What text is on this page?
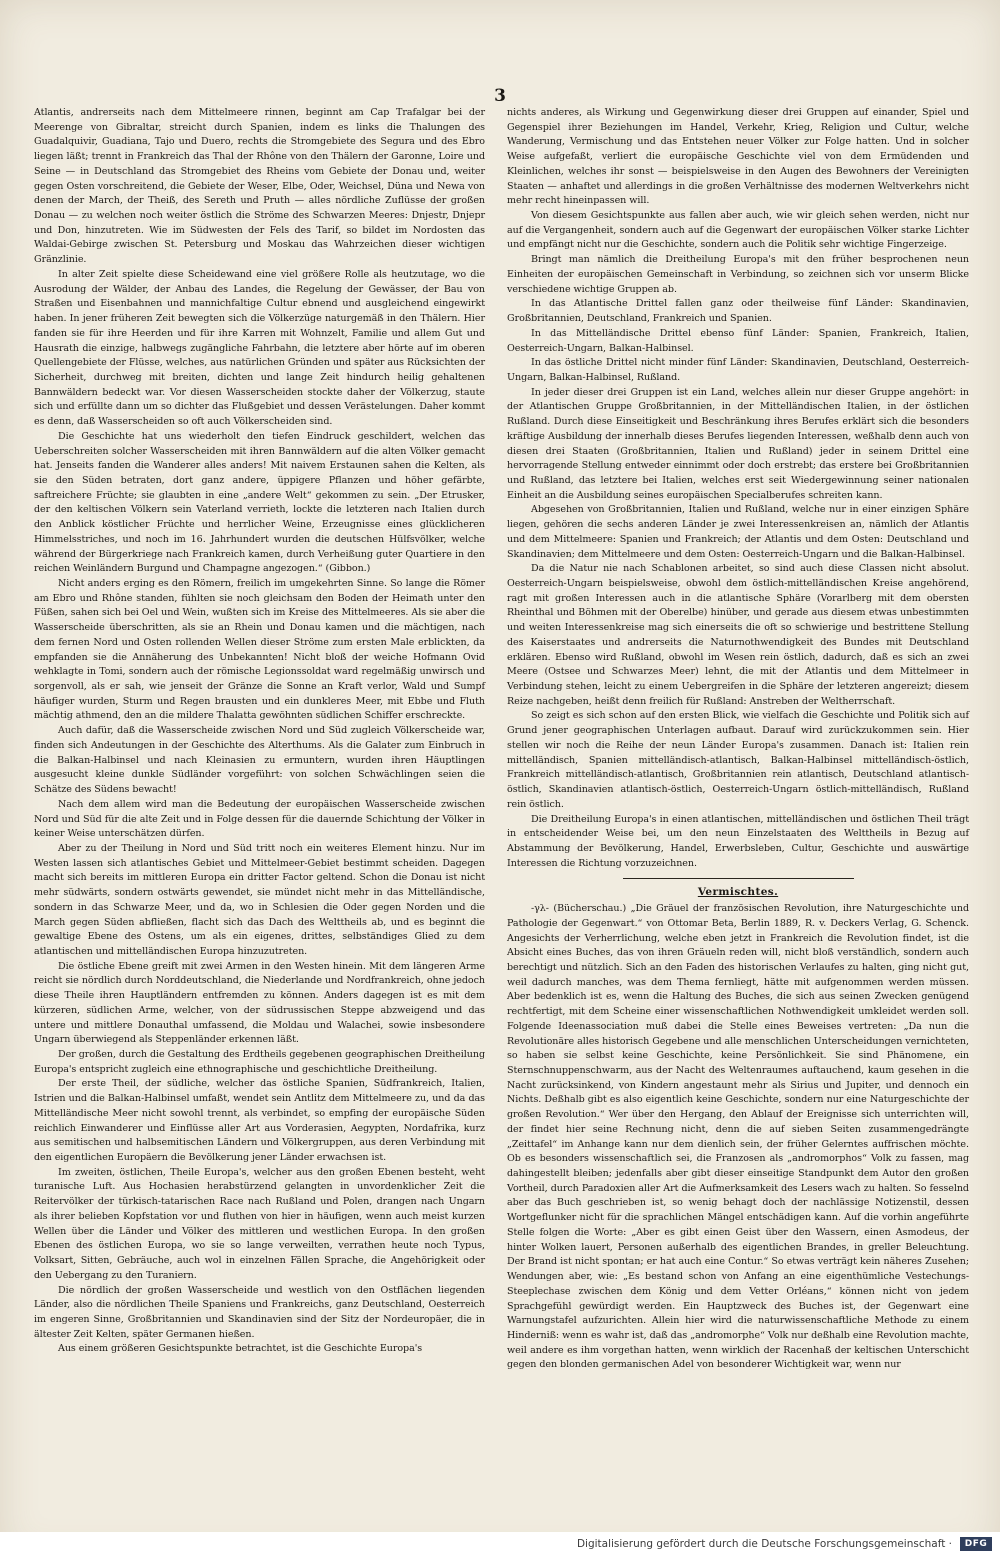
3

Atlantis, andrerseits nach dem Mittelmeere rinnen, beginnt am Cap Trafalgar bei der Meerenge von Gibraltar, streicht durch Spanien, indem es links die Thalungen des Guadalquivir, Guadiana, Tajo und Duero, rechts die Stromgebiete des Segura und des Ebro liegen läßt; trennt in Frankreich das Thal der Rhône von den Thälern der Garonne, Loire und Seine — in Deutschland das Stromgebiet des Rheins vom Gebiete der Donau und, weiter gegen Osten vorschreitend, die Gebiete der Weser, Elbe, Oder, Weichsel, Düna und Newa von denen der March, der Theiß, des Sereth und Pruth — alles nördliche Zuflüsse der großen Donau — zu welchen noch weiter östlich die Ströme des Schwarzen Meeres: Dnjestr, Dnjepr und Don, hinzutreten. Wie im Südwesten der Fels des Tarif, so bildet im Nordosten das Waldai-Gebirge zwischen St. Petersburg und Moskau das Wahrzeichen dieser wichtigen Gränzlinie.

In alter Zeit spielte diese Scheidewand eine viel größere Rolle als heutzutage, wo die Ausrodung der Wälder, der Anbau des Landes, die Regelung der Gewässer, der Bau von Straßen und Eisenbahnen und mannichfaltige Cultur ebnend und ausgleichend eingewirkt haben. In jener früheren Zeit bewegten sich die Völkerzüge naturgemäß in den Thälern. Hier fanden sie für ihre Heerden und für ihre Karren mit Wohnzelt, Familie und allem Gut und Hausrath die einzige, halbwegs zugängliche Fahrbahn, die letztere aber hörte auf im oberen Quellengebiete der Flüsse, welches, aus natürlichen Gründen und später aus Rücksichten der Sicherheit, durchweg mit breiten, dichten und lange Zeit hindurch heilig gehaltenen Bannwäldern bedeckt war. Vor diesen Wasserscheiden stockte daher der Völkerzug, staute sich und erfüllte dann um so dichter das Flußgebiet und dessen Verästelungen. Daher kommt es denn, daß Wasserscheiden so oft auch Völkerscheiden sind.

Die Geschichte hat uns wiederholt den tiefen Eindruck geschildert, welchen das Ueberschreiten solcher Wasserscheiden mit ihren Bannwäldern auf die alten Völker gemacht hat. Jenseits fanden die Wanderer alles anders! Mit naivem Erstaunen sahen die Kelten, als sie den Süden betraten, dort ganz andere, üppigere Pflanzen und höher gefärbte, saftreichere Früchte; sie glaubten in eine „andere Welt“ gekommen zu sein. „Der Etrusker, der den keltischen Völkern sein Vaterland verrieth, lockte die letzteren nach Italien durch den Anblick köstlicher Früchte und herrlicher Weine, Erzeugnisse eines glücklicheren Himmelsstriches, und noch im 16. Jahrhundert wurden die deutschen Hülfsvölker, welche während der Bürgerkriege nach Frankreich kamen, durch Verheißung guter Quartiere in den reichen Weinländern Burgund und Champagne angezogen.“ (Gibbon.)

Nicht anders erging es den Römern, freilich im umgekehrten Sinne. So lange die Römer am Ebro und Rhône standen, fühlten sie noch gleichsam den Boden der Heimath unter den Füßen, sahen sich bei Oel und Wein, wußten sich im Kreise des Mittelmeeres. Als sie aber die Wasserscheide überschritten, als sie an Rhein und Donau kamen und die mächtigen, nach dem fernen Nord und Osten rollenden Wellen dieser Ströme zum ersten Male erblickten, da empfanden sie die Annäherung des Unbekannten! Nicht bloß der weiche Hofmann Ovid wehklagte in Tomi, sondern auch der römische Legionssoldat ward regelmäßig unwirsch und sorgenvoll, als er sah, wie jenseit der Gränze die Sonne an Kraft verlor, Wald und Sumpf häufiger wurden, Sturm und Regen brausten und ein dunkleres Meer, mit Ebbe und Fluth mächtig athmend, den an die mildere Thalatta gewöhnten südlichen Schiffer erschreckte.

Auch dafür, daß die Wasserscheide zwischen Nord und Süd zugleich Völkerscheide war, finden sich Andeutungen in der Geschichte des Alterthums. Als die Galater zum Einbruch in die Balkan-Halbinsel und nach Kleinasien zu ermuntern, wurden ihren Häuptlingen ausgesucht kleine dunkle Südländer vorgeführt: von solchen Schwächlingen seien die Schätze des Südens bewacht!

Nach dem allem wird man die Bedeutung der europäischen Wasserscheide zwischen Nord und Süd für die alte Zeit und in Folge dessen für die dauernde Schichtung der Völker in keiner Weise unterschätzen dürfen.

Aber zu der Theilung in Nord und Süd tritt noch ein weiteres Element hinzu. Nur im Westen lassen sich atlantisches Gebiet und Mittelmeer-Gebiet bestimmt scheiden. Dagegen macht sich bereits im mittleren Europa ein dritter Factor geltend. Schon die Donau ist nicht mehr südwärts, sondern ostwärts gewendet, sie mündet nicht mehr in das Mittelländische, sondern in das Schwarze Meer, und da, wo in Schlesien die Oder gegen Norden und die March gegen Süden abfließen, flacht sich das Dach des Welttheils ab, und es beginnt die gewaltige Ebene des Ostens, um als ein eigenes, drittes, selbständiges Glied zu dem atlantischen und mittelländischen Europa hinzuzutreten.

Die östliche Ebene greift mit zwei Armen in den Westen hinein. Mit dem längeren Arme reicht sie nördlich durch Norddeutschland, die Niederlande und Nordfrankreich, ohne jedoch diese Theile ihren Hauptländern entfremden zu können. Anders dagegen ist es mit dem kürzeren, südlichen Arme, welcher, von der südrussischen Steppe abzweigend und das untere und mittlere Donauthal umfassend, die Moldau und Walachei, sowie insbesondere Ungarn überwiegend als Steppenländer erkennen läßt.

Der großen, durch die Gestaltung des Erdtheils gegebenen geographischen Dreitheilung Europa's entspricht zugleich eine ethnographische und geschichtliche Dreitheilung.

Der erste Theil, der südliche, welcher das östliche Spanien, Südfrankreich, Italien, Istrien und die Balkan-Halbinsel umfaßt, wendet sein Antlitz dem Mittelmeere zu, und da das Mittelländische Meer nicht sowohl trennt, als verbindet, so empfing der europäische Süden reichlich Einwanderer und Einflüsse aller Art aus Vorderasien, Aegypten, Nordafrika, kurz aus semitischen und halbsemitischen Ländern und Völkergruppen, aus deren Verbindung mit den eigentlichen Europäern die Bevölkerung jener Länder erwachsen ist.

Im zweiten, östlichen, Theile Europa's, welcher aus den großen Ebenen besteht, weht turanische Luft. Aus Hochasien herabstürzend gelangten in unvordenklicher Zeit die Reitervölker der türkisch-tatarischen Race nach Rußland und Polen, drangen nach Ungarn als ihrer belieben Kopfstation vor und fluthen von hier in häufigen, wenn auch meist kurzen Wellen über die Länder und Völker des mittleren und westlichen Europa. In den großen Ebenen des östlichen Europa, wo sie so lange verweilten, verrathen heute noch Typus, Volksart, Sitten, Gebräuche, auch wol in einzelnen Fällen Sprache, die Angehörigkeit oder den Uebergang zu den Turaniern.

Die nördlich der großen Wasserscheide und westlich von den Ostflächen liegenden Länder, also die nördlichen Theile Spaniens und Frankreichs, ganz Deutschland, Oesterreich im engeren Sinne, Großbritannien und Skandinavien sind der Sitz der Nordeuropäer, die in ältester Zeit Kelten, später Germanen hießen.

Aus einem größeren Gesichtspunkte betrachtet, ist die Geschichte Europa's

nichts anderes, als Wirkung und Gegenwirkung dieser drei Gruppen auf einander, Spiel und Gegenspiel ihrer Beziehungen im Handel, Verkehr, Krieg, Religion und Cultur, welche Wanderung, Vermischung und das Entstehen neuer Völker zur Folge hatten. Und in solcher Weise aufgefaßt, verliert die europäische Geschichte viel von dem Ermüdenden und Kleinlichen, welches ihr sonst — beispielsweise in den Augen des Bewohners der Vereinigten Staaten — anhaftet und allerdings in die großen Verhältnisse des modernen Weltverkehrs nicht mehr recht hineinpassen will.

Von diesem Gesichtspunkte aus fallen aber auch, wie wir gleich sehen werden, nicht nur auf die Vergangenheit, sondern auch auf die Gegenwart der europäischen Völker starke Lichter und empfängt nicht nur die Geschichte, sondern auch die Politik sehr wichtige Fingerzeige.

Bringt man nämlich die Dreitheilung Europa's mit den früher besprochenen neun Einheiten der europäischen Gemeinschaft in Verbindung, so zeichnen sich vor unserm Blicke verschiedene wichtige Gruppen ab.

In das Atlantische Drittel fallen ganz oder theilweise fünf Länder: Skandinavien, Großbritannien, Deutschland, Frankreich und Spanien.

In das Mittelländische Drittel ebenso fünf Länder: Spanien, Frankreich, Italien, Oesterreich-Ungarn, Balkan-Halbinsel.

In das östliche Drittel nicht minder fünf Länder: Skandinavien, Deutschland, Oesterreich-Ungarn, Balkan-Halbinsel, Rußland.

In jeder dieser drei Gruppen ist ein Land, welches allein nur dieser Gruppe angehört: in der Atlantischen Gruppe Großbritannien, in der Mittelländischen Italien, in der östlichen Rußland. Durch diese Einseitigkeit und Beschränkung ihres Berufes erklärt sich die besonders kräftige Ausbildung der innerhalb dieses Berufes liegenden Interessen, weßhalb denn auch von diesen drei Staaten (Großbritannien, Italien und Rußland) jeder in seinem Drittel eine hervorragende Stellung entweder einnimmt oder doch erstrebt; das erstere bei Großbritannien und Rußland, das letztere bei Italien, welches erst seit Wiedergewinnung seiner nationalen Einheit an die Ausbildung seines europäischen Specialberufes schreiten kann.

Abgesehen von Großbritannien, Italien und Rußland, welche nur in einer einzigen Sphäre liegen, gehören die sechs anderen Länder je zwei Interessenkreisen an, nämlich der Atlantis und dem Mittelmeere: Spanien und Frankreich; der Atlantis und dem Osten: Deutschland und Skandinavien; dem Mittelmeere und dem Osten: Oesterreich-Ungarn und die Balkan-Halbinsel.

Da die Natur nie nach Schablonen arbeitet, so sind auch diese Classen nicht absolut. Oesterreich-Ungarn beispielsweise, obwohl dem östlich-mittelländischen Kreise angehörend, ragt mit großen Interessen auch in die atlantische Sphäre (Vorarlberg mit dem obersten Rheinthal und Böhmen mit der Oberelbe) hinüber, und gerade aus diesem etwas unbestimmten und weiten Interessenkreise mag sich einerseits die oft so schwierige und bestrittene Stellung des Kaiserstaates und andrerseits die Naturnothwendigkeit des Bundes mit Deutschland erklären. Ebenso wird Rußland, obwohl im Wesen rein östlich, dadurch, daß es sich an zwei Meere (Ostsee und Schwarzes Meer) lehnt, die mit der Atlantis und dem Mittelmeer in Verbindung stehen, leicht zu einem Uebergreifen in die Sphäre der letzteren angereizt; diesem Reize nachgeben, heißt denn freilich für Rußland: Anstreben der Weltherrschaft.

So zeigt es sich schon auf den ersten Blick, wie vielfach die Geschichte und Politik sich auf Grund jener geographischen Unterlagen aufbaut. Darauf wird zurückzukommen sein. Hier stellen wir noch die Reihe der neun Länder Europa's zusammen. Danach ist: Italien rein mittelländisch, Spanien mittelländisch-atlantisch, Balkan-Halbinsel mittelländisch-östlich, Frankreich mittelländisch-atlantisch, Großbritannien rein atlantisch, Deutschland atlantisch-östlich, Skandinavien atlantisch-östlich, Oesterreich-Ungarn östlich-mittelländisch, Rußland rein östlich.

Die Dreitheilung Europa's in einen atlantischen, mittelländischen und östlichen Theil trägt in entscheidender Weise bei, um den neun Einzelstaaten des Welttheils in Bezug auf Abstammung der Bevölkerung, Handel, Erwerbsleben, Cultur, Geschichte und auswärtige Interessen die Richtung vorzuzeichnen.

Vermischtes.

-γλ- (Bücherschau.) „Die Gräuel der französischen Revolution, ihre Naturgeschichte und Pathologie der Gegenwart.“ von Ottomar Beta, Berlin 1889, R. v. Deckers Verlag, G. Schenck. Angesichts der Verherrlichung, welche eben jetzt in Frankreich die Revolution findet, ist die Absicht eines Buches, das von ihren Gräueln reden will, nicht bloß verständlich, sondern auch berechtigt und nützlich. Sich an den Faden des historischen Verlaufes zu halten, ging nicht gut, weil dadurch manches, was dem Thema fernliegt, hätte mit aufgenommen werden müssen. Aber bedenklich ist es, wenn die Haltung des Buches, die sich aus seinen Zwecken genügend rechtfertigt, mit dem Scheine einer wissenschaftlichen Nothwendigkeit umkleidet werden soll. Folgende Ideenassociation muß dabei die Stelle eines Beweises vertreten: „Da nun die Revolutionäre alles historisch Gegebene und alle menschlichen Unterscheidungen vernichteten, so haben sie selbst keine Geschichte, keine Persönlichkeit. Sie sind Phänomene, ein Sternschnuppenschwarm, aus der Nacht des Weltenraumes auftauchend, kaum gesehen in die Nacht zurücksinkend, von Kindern angestaunt mehr als Sirius und Jupiter, und dennoch ein Nichts. Deßhalb gibt es also eigentlich keine Geschichte, sondern nur eine Naturgeschichte der großen Revolution.“ Wer über den Hergang, den Ablauf der Ereignisse sich unterrichten will, der findet hier seine Rechnung nicht, denn die auf sieben Seiten zusammengedrängte „Zeittafel“ im Anhange kann nur dem dienlich sein, der früher Gelerntes auffrischen möchte. Ob es besonders wissenschaftlich sei, die Franzosen als „andromorphos“ Volk zu fassen, mag dahingestellt bleiben; jedenfalls aber gibt dieser einseitige Standpunkt dem Autor den großen Vortheil, durch Paradoxien aller Art die Aufmerksamkeit des Lesers wach zu halten. So fesselnd aber das Buch geschrieben ist, so wenig behagt doch der nachlässige Notizenstil, dessen Wortgeflunker nicht für die sprachlichen Mängel entschädigen kann. Auf die vorhin angeführte Stelle folgen die Worte: „Aber es gibt einen Geist über den Wassern, einen Asmodeus, der hinter Wolken lauert, Personen außerhalb des eigentlichen Brandes, in greller Beleuchtung. Der Brand ist nicht spontan; er hat auch eine Contur.“ So etwas verträgt kein näheres Zusehen; Wendungen aber, wie: „Es bestand schon von Anfang an eine eigenthümliche Vestechungs-Steeplechase zwischen dem König und dem Vetter Orléans,“ können nicht von jedem Sprachgefühl gewürdigt werden. Ein Hauptzweck des Buches ist, der Gegenwart eine Warnungstafel aufzurichten. Allein hier wird die naturwissenschaftliche Methode zu einem Hinderniß: wenn es wahr ist, daß das „andromorphe“ Volk nur deßhalb eine Revolution machte, weil andere es ihm vorgethan hatten, wenn wirklich der Racenhaß der keltischen Unterschicht gegen den blonden germanischen Adel von besonderer Wichtigkeit war, wenn nur

Digitalisierung gefördert durch die Deutsche Forschungsgemeinschaft ·	DFG
